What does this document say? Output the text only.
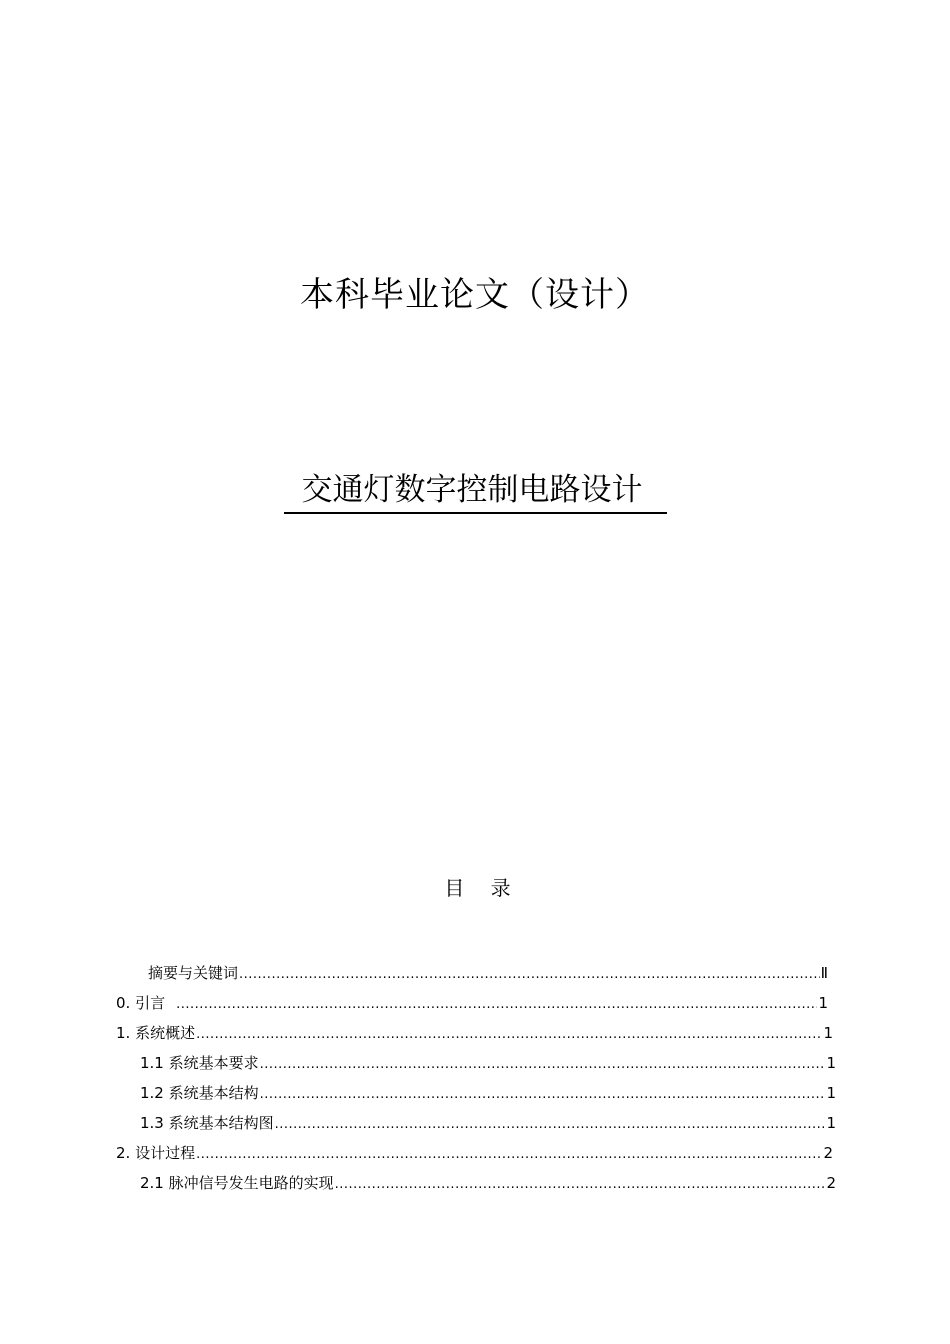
本科毕业论文（设计）
交通灯数字控制电路设计
目 录
摘要与关键词 .....	Ⅱ
0. 引言 .....	1
1. 系统概述 .....	1
1.1 系统基本要求 .....	1
1.2 系统基本结构 .....	1
1.3 系统基本结构图 .....	1
2. 设计过程 .....	2
2.1 脉冲信号发生电路的实现 .....	2
